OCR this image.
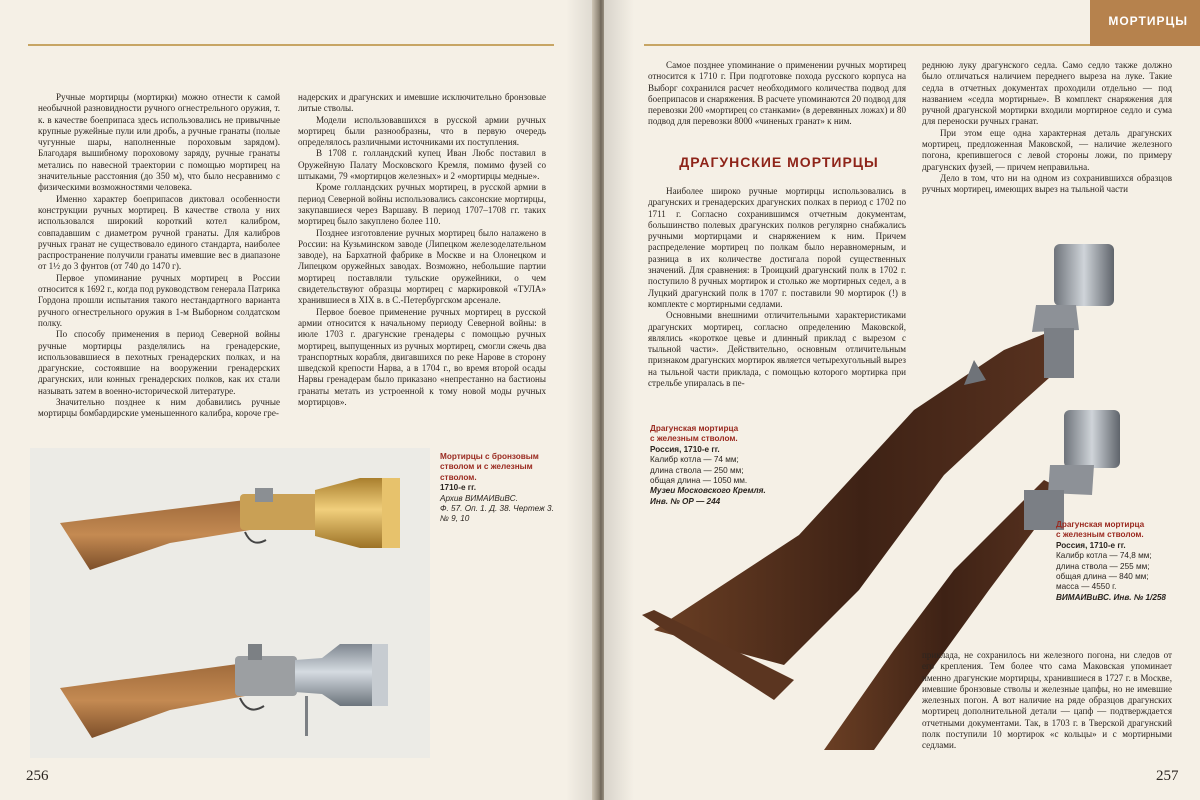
Ручные мортирцы (мортирки) можно отнести к самой необычной разновидности ручного огнестрельного оружия, т. к. в качестве боеприпаса здесь использовались не привычные крупные ружейные пули или дробь, а ручные гранаты (полые чугунные шары, наполненные пороховым зарядом). Благодаря вышибному пороховому заряду, ручные гранаты метались по навесной траектории с помощью мортирец на значительные расстояния (до 350 м), что было несравнимо с физическими возможностями человека.

Именно характер боеприпасов диктовал особенности конструкции ручных мортирец. В качестве ствола у них использовался широкий короткий котел калибром, совпадавшим с диаметром ручной гранаты. Для калибров ручных гранат не существовало единого стандарта, наиболее распространение получили гранаты имевшие вес в диапазоне от 1½ до 3 фунтов (от 740 до 1470 г).

Первое упоминание ручных мортирец в России относится к 1692 г., когда под руководством генерала Патрика Гордона прошли испытания такого нестандартного варианта ручного огнестрельного оружия в 1-м Выборном солдатском полку.

По способу применения в период Северной войны ручные мортирцы разделялись на гренадерские, использовавшиеся в пехотных гренадерских полках, и на драгунские, состоявшие на вооружении гренадерских драгунских, или конных гренадерских полков, как их стали называть затем в военно-исторической литературе.

Значительно позднее к ним добавились ручные мортирцы бомбардирские уменьшенного калибра, короче гре-

надерских и драгунских и имевшие исключительно бронзовые литые стволы.

Модели использовавшихся в русской армии ручных мортирец были разнообразны, что в первую очередь определялось различными источниками их поступления.

В 1708 г. голландский купец Иван Любс поставил в Оружейную Палату Московского Кремля, помимо фузей со штыками, 79 «мортирцов железных» и 2 «мортирцы медные».

Кроме голландских ручных мортирец, в русской армии в период Северной войны использовались саксонские мортирцы, закупавшиеся через Варшаву. В период 1707–1708 гг. таких мортирец было закуплено более 110.

Позднее изготовление ручных мортирец было налажено в России: на Кузьминском заводе (Липецком железоделательном заводе), на Бархатной фабрике в Москве и на Олонецком и Липецком оружейных заводах. Возможно, небольшие партии мортирец поставляли тульские оружейники, о чем свидетельствуют образцы мортирец с маркировкой «ТУЛА» хранившиеся в XIX в. в С.-Петербургском арсенале.

Первое боевое применение ручных мортирец в русской армии относится к начальному периоду Северной войны: в июле 1703 г. драгунские гренадеры с помощью ручных мортирец, выпущенных из ручных мортирец, смогли сжечь два транспортных корабля, двигавшихся по реке Нарове в сторону шведской крепости Нарва, а в 1704 г., во время второй осады Нарвы гренадерам было приказано «непрестанно на бастионы гранаты метать из устроенной к тому новой моды ручных мортирцов».

Мортирцы с бронзовым стволом и с железным стволом.
1710-е гг.
Архив ВИМАИВиВС.
Ф. 57. Оп. 1. Д. 38. Чертеж 3.
№ 9, 10
256
МОРТИРЦЫ

Самое позднее упоминание о применении ручных мортирец относится к 1710 г. При подготовке похода русского корпуса на Выборг сохранился расчет необходимого количества подвод для боеприпасов и снаряжения. В расчете упоминаются 20 подвод для перевозки 200 «мортирец со станками» (в деревянных ложах) и 80 подвод для перевозки 8000 «чиненых гранат» к ним.

ДРАГУНСКИЕ МОРТИРЦЫ

Наиболее широко ручные мортирцы использовались в драгунских и гренадерских драгунских полках в период с 1702 по 1711 г. Согласно сохранившимся отчетным документам, большинство полевых драгунских полков регулярно снабжались ручными мортирцами и снаряжением к ним. Причем распределение мортирец по полкам было неравномерным, и разница в их количестве достигала порой существенных значений. Для сравнения: в Троицкий драгунский полк в 1702 г. поступило 8 ручных мортирок и столько же мортирных седел, а в Луцкий драгунский полк в 1707 г. поставили 90 мортирок (!) в комплекте с мортирными седлами.

Основными внешними отличительными характеристиками драгунских мортирец, согласно определению Маковской, являлись «короткое цевье и длинный приклад с вырезом с тыльной части». Действительно, основным отличительным признаком драгунских мортирок является четырехугольный вырез на тыльной части приклада, с помощью которого мортирка при стрельбе упиралась в пе-

реднюю луку драгунского седла. Само седло также должно было отличаться наличием переднего выреза на луке. Такие седла в отчетных документах проходили отдельно — под названием «седла мортирные». В комплект снаряжения для ручной драгунской мортирки входили мортирное седло и сума для переноски ручных гранат.

При этом еще одна характерная деталь драгунских мортирец, предложенная Маковской, — наличие железного погона, крепившегося с левой стороны ложи, по примеру драгунских фузей, — причем неправильна.

Дело в том, что ни на одном из сохранившихся образцов ручных мортирец, имеющих вырез на тыльной части

Драгунская мортирца
с железным стволом.
Россия, 1710-е гг.
Калибр котла — 74 мм;
длина ствола — 250 мм;
общая длина — 1050 мм.
Музеи Московского Кремля.
Инв. № ОР — 244
Драгунская мортирца
с железным стволом.
Россия, 1710-е гг.
Калибр котла — 74,8 мм;
длина ствола — 255 мм;
общая длина — 840 мм;
масса — 4550 г.
ВИМАИВиВС. Инв. № 1/258

приклада, не сохранилось ни железного погона, ни следов от его крепления. Тем более что сама Маковская упоминает именно драгунские мортирцы, хранившиеся в 1727 г. в Москве, имевшие бронзовые стволы и железные цапфы, но не имевшие железных погон. А вот наличие на ряде образцов драгунских мортирец дополнительной детали — цапф — подтверждается отчетными документами. Так, в 1703 г. в Тверской драгунский полк поступили 10 мортирок «с кольцы» и с мортирными седлами.

257
